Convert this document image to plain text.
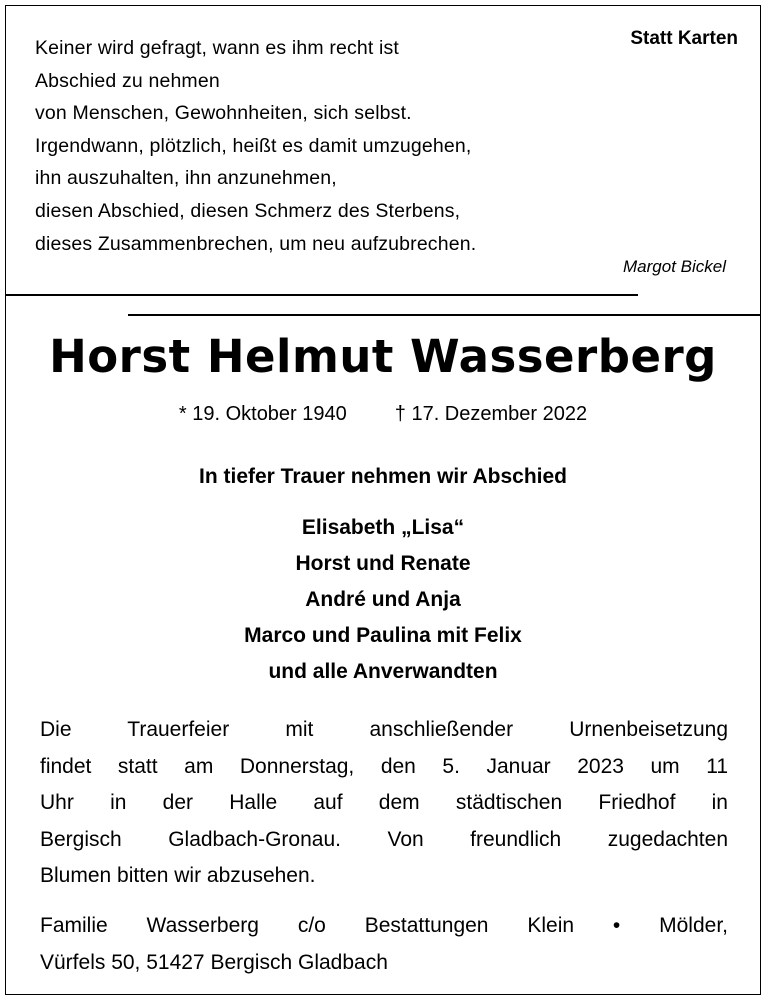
Statt Karten
Keiner wird gefragt, wann es ihm recht ist
Abschied zu nehmen
von Menschen, Gewohnheiten, sich selbst.
Irgendwann, plötzlich, heißt es damit umzugehen,
ihn auszuhalten, ihn anzunehmen,
diesen Abschied, diesen Schmerz des Sterbens,
dieses Zusammenbrechen, um neu aufzubrechen.
Margot Bickel
Horst Helmut Wasserberg
* 19. Oktober 1940 † 17. Dezember 2022
In tiefer Trauer nehmen wir Abschied
Elisabeth „Lisa“
Horst und Renate
André und Anja
Marco und Paulina mit Felix
und alle Anverwandten
Die Trauerfeier mit anschließender Urnenbeisetzung
findet statt am Donnerstag, den 5. Januar 2023 um 11
Uhr in der Halle auf dem städtischen Friedhof in
Bergisch Gladbach-Gronau. Von freundlich zugedachten
Blumen bitten wir abzusehen.
Familie Wasserberg c/o Bestattungen Klein • Mölder,
Vürfels 50, 51427 Bergisch Gladbach
